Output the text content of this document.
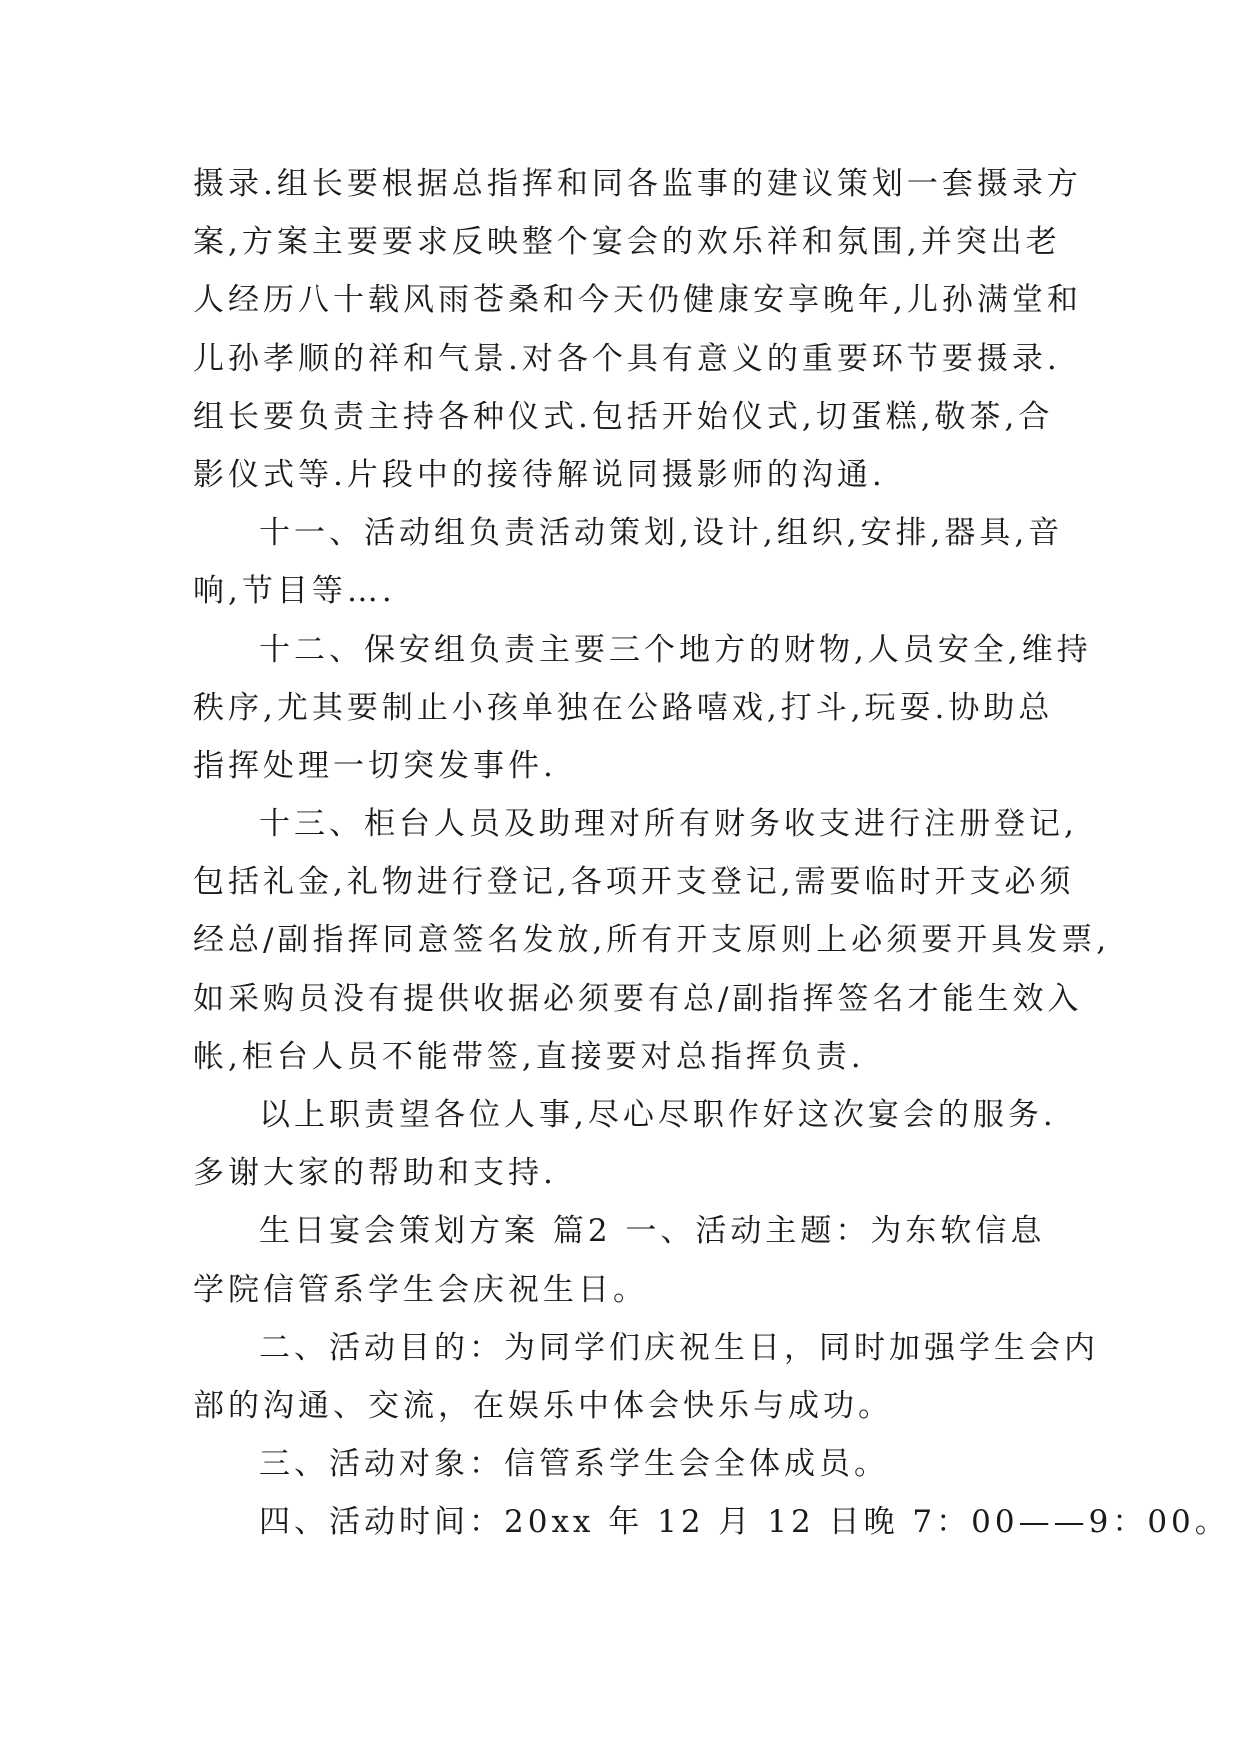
摄录.组长要根据总指挥和同各监事的建议策划一套摄录方
案,方案主要要求反映整个宴会的欢乐祥和氛围,并突出老
人经历八十载风雨苍桑和今天仍健康安享晚年,儿孙满堂和
儿孙孝顺的祥和气景.对各个具有意义的重要环节要摄录.
组长要负责主持各种仪式.包括开始仪式,切蛋糕,敬茶,合
影仪式等.片段中的接待解说同摄影师的沟通.
十一、活动组负责活动策划,设计,组织,安排,器具,音
响,节目等….
十二、保安组负责主要三个地方的财物,人员安全,维持
秩序,尤其要制止小孩单独在公路嘻戏,打斗,玩耍.协助总
指挥处理一切突发事件.
十三、柜台人员及助理对所有财务收支进行注册登记,
包括礼金,礼物进行登记,各项开支登记,需要临时开支必须
经总/副指挥同意签名发放,所有开支原则上必须要开具发票,
如采购员没有提供收据必须要有总/副指挥签名才能生效入
帐,柜台人员不能带签,直接要对总指挥负责.
以上职责望各位人事,尽心尽职作好这次宴会的服务.
多谢大家的帮助和支持.
生日宴会策划方案 篇2 一、活动主题：为东软信息
学院信管系学生会庆祝生日。
二、活动目的：为同学们庆祝生日，同时加强学生会内
部的沟通、交流，在娱乐中体会快乐与成功。
三、活动对象：信管系学生会全体成员。
四、活动时间：20xx 年 12 月 12 日晚 7：00——9：00。
